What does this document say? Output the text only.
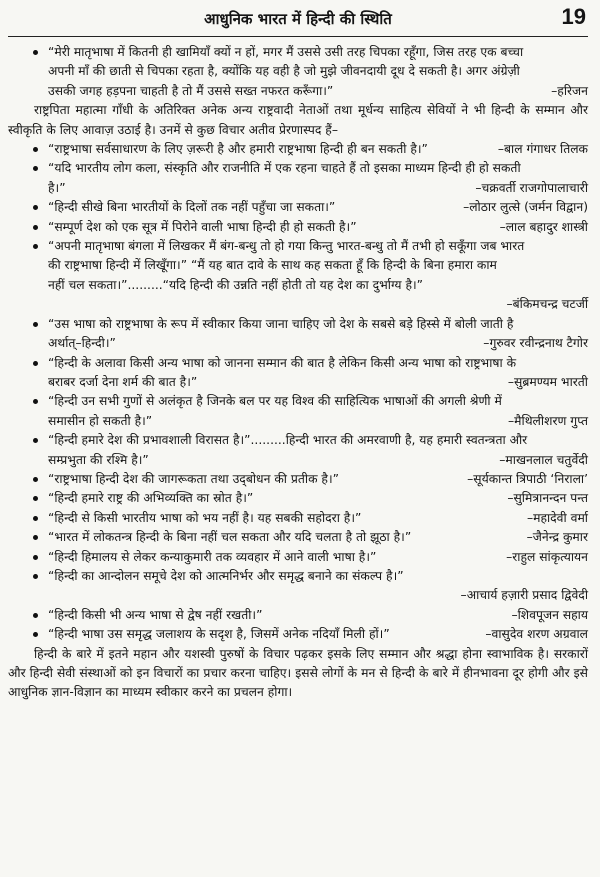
आधुनिक भारत में हिन्दी की स्थिति	19
“मेरी मातृभाषा में कितनी ही खामियाँ क्यों न हों, मगर मैं उससे उसी तरह चिपका रहूँगा, जिस तरह एक बच्चा
अपनी माँ की छाती से चिपका रहता है, क्योंकि यह वही है जो मुझे जीवनदायी दूध दे सकती है। अगर अंग्रेज़ी
उसकी जगह हड़पना चाहती है तो मैं उससे सख्त नफरत करूँगा।”	–हरिजन

राष्ट्रपिता महात्मा गाँधी के अतिरिक्त अनेक अन्य राष्ट्रवादी नेताओं तथा मूर्धन्य साहित्य सेवियों ने भी हिन्दी के सम्मान और स्वीकृति के लिए आवाज़ उठाई है। उनमें से कुछ विचार अतीव प्रेरणास्पद हैं–

“राष्ट्रभाषा सर्वसाधारण के लिए ज़रूरी है और हमारी राष्ट्रभाषा हिन्दी ही बन सकती है।”	–बाल गंगाधर तिलक
“यदि भारतीय लोग कला, संस्कृति और राजनीति में एक रहना चाहते हैं तो इसका माध्यम हिन्दी ही हो सकती
है।”	–चक्रवर्ती राजगोपालाचारी
“हिन्दी सीखे बिना भारतीयों के दिलों तक नहीं पहुँचा जा सकता।”	–लोठार लुत्से (जर्मन विद्वान)
“सम्पूर्ण देश को एक सूत्र में पिरोने वाली भाषा हिन्दी ही हो सकती है।”	–लाल बहादुर शास्त्री
“अपनी मातृभाषा बंगला में लिखकर मैं बंग-बन्धु तो हो गया किन्तु भारत-बन्धु तो मैं तभी हो सकूँगा जब भारत
की राष्ट्रभाषा हिन्दी में लिखूँगा।” “मैं यह बात दावे के साथ कह सकता हूँ कि हिन्दी के बिना हमारा काम
नहीं चल सकता।”.........“यदि हिन्दी की उन्नति नहीं होती तो यह देश का दुर्भाग्य है।”
–बंकिमचन्द्र चटर्जी
“उस भाषा को राष्ट्रभाषा के रूप में स्वीकार किया जाना चाहिए जो देश के सबसे बड़े हिस्से में बोली जाती है
अर्थात्–हिन्दी।”	–गुरुवर रवीन्द्रनाथ टैगोर
“हिन्दी के अलावा किसी अन्य भाषा को जानना सम्मान की बात है लेकिन किसी अन्य भाषा को राष्ट्रभाषा के
बराबर दर्जा देना शर्म की बात है।”	–सुब्रमण्यम भारती
“हिन्दी उन सभी गुणों से अलंकृत है जिनके बल पर यह विश्व की साहित्यिक भाषाओं की अगली श्रेणी में
समासीन हो सकती है।”	–मैथिलीशरण गुप्त
“हिन्दी हमारे देश की प्रभावशाली विरासत है।”.........हिन्दी भारत की अमरवाणी है, यह हमारी स्वतन्त्रता और
सम्प्रभुता की रश्मि है।”	–माखनलाल चतुर्वेदी
“राष्ट्रभाषा हिन्दी देश की जागरूकता तथा उद्‌बोधन की प्रतीक है।”	–सूर्यकान्त त्रिपाठी ‘निराला’
“हिन्दी हमारे राष्ट्र की अभिव्यक्ति का स्रोत है।”	–सुमित्रानन्दन पन्त
“हिन्दी से किसी भारतीय भाषा को भय नहीं है। यह सबकी सहोदरा है।”	–महादेवी वर्मा
“भारत में लोकतन्त्र हिन्दी के बिना नहीं चल सकता और यदि चलता है तो झूठा है।”	–जैनेन्द्र कुमार
“हिन्दी हिमालय से लेकर कन्याकुमारी तक व्यवहार में आने वाली भाषा है।”	–राहुल सांकृत्यायन
“हिन्दी का आन्दोलन समूचे देश को आत्मनिर्भर और समृद्ध बनाने का संकल्प है।”
–आचार्य हज़ारी प्रसाद द्विवेदी
“हिन्दी किसी भी अन्य भाषा से द्वेष नहीं रखती।”	–शिवपूजन सहाय
“हिन्दी भाषा उस समृद्ध जलाशय के सदृश है, जिसमें अनेक नदियाँ मिली हों।”	–वासुदेव शरण अग्रवाल

हिन्दी के बारे में इतने महान और यशस्वी पुरुषों के विचार पढ़कर इसके लिए सम्मान और श्रद्धा होना स्वाभाविक है। सरकारों और हिन्दी सेवी संस्थाओं को इन विचारों का प्रचार करना चाहिए। इससे लोगों के मन से हिन्दी के बारे में हीनभावना दूर होगी और इसे आधुनिक ज्ञान-विज्ञान का माध्यम स्वीकार करने का प्रचलन होगा।
